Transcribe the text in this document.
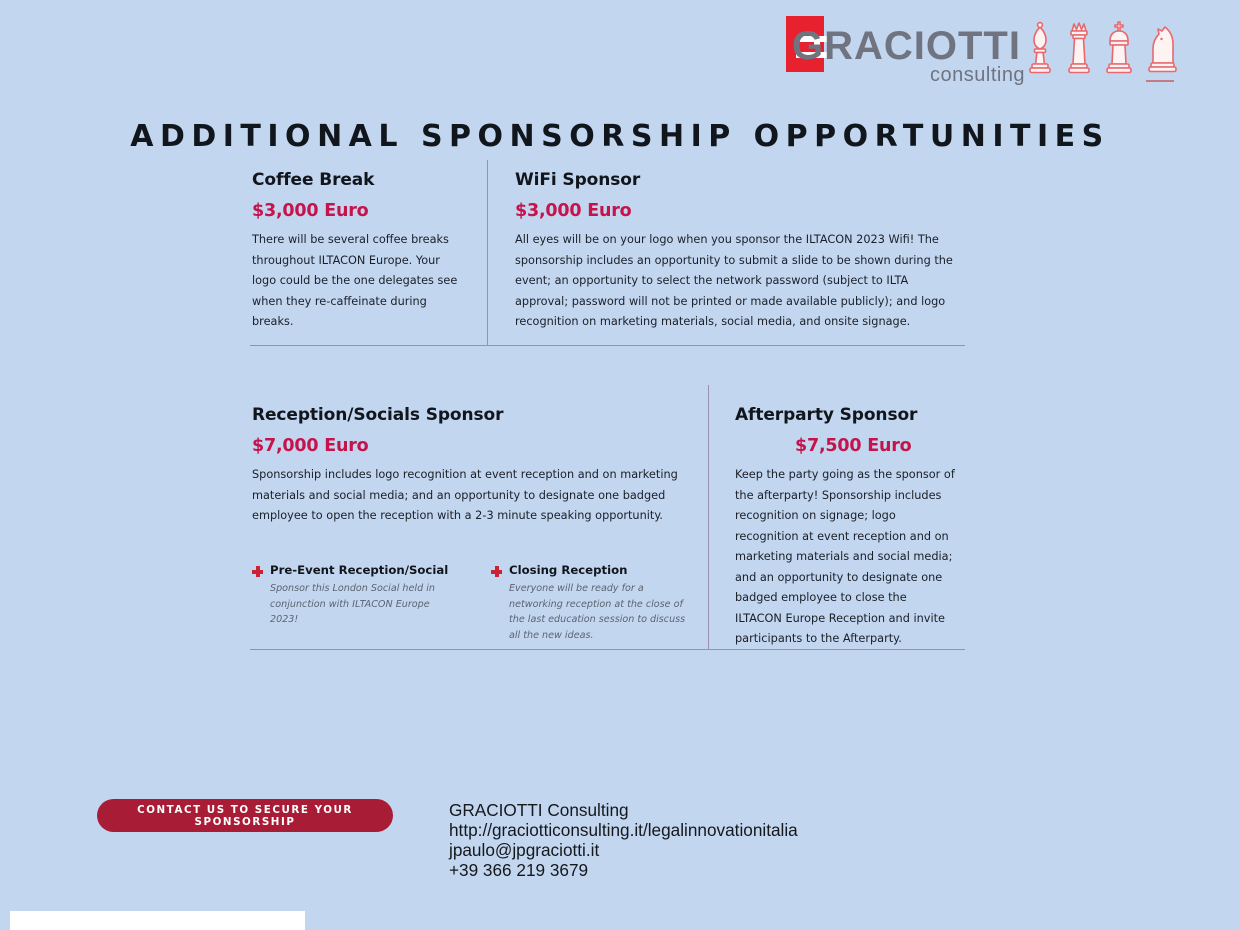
GRACIOTTI
consulting
ADDITIONAL SPONSORSHIP OPPORTUNITIES
Coffee Break
$3,000 Euro

There will be several coffee breaks throughout ILTACON Europe. Your logo could be the one delegates see when they re-caffeinate during breaks.

WiFi Sponsor
$3,000 Euro

All eyes will be on your logo when you sponsor the ILTACON 2023 Wifi! The sponsorship includes an opportunity to submit a slide to be shown during the event; an opportunity to select the network password (subject to ILTA approval; password will not be printed or made available publicly); and logo recognition on marketing materials, social media, and onsite signage.

Reception/Socials Sponsor
$7,000 Euro

Sponsorship includes logo recognition at event reception and on marketing materials and social media; and an opportunity to designate one badged employee to open the reception with a 2-3 minute speaking opportunity.

Afterparty Sponsor
$7,500 Euro

Keep the party going as the sponsor of the afterparty! Sponsorship includes recognition on signage; logo recognition at event reception and on marketing materials and social media; and an opportunity to designate one badged employee to close the ILTACON Europe Reception and invite participants to the Afterparty.

Pre-Event Reception/Social

Sponsor this London Social held in conjunction with ILTACON Europe 2023!

Closing Reception

Everyone will be ready for a networking reception at the close of the last education session to discuss all the new ideas.

CONTACT US TO SECURE YOUR SPONSORSHIP
GRACIOTTI Consulting
http://graciotticonsulting.it/legalinnovationitalia
jpaulo@jpgraciotti.it
+39 366 219 3679
